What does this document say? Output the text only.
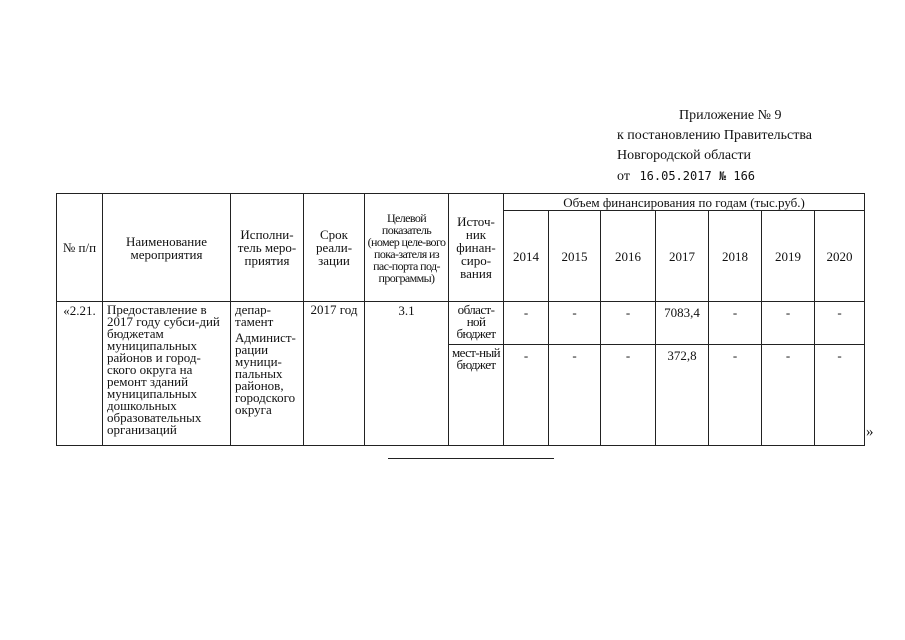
Приложение № 9
к постановлению Правительства
Новгородской области
от 16.05.2017 № 166
№ п/п	Наименование мероприятия	Исполни-тель меро-приятия	Срок реали-зации	Целевой показатель (номер целе-вого пока-зателя из пас-порта под-программы)	Источ-ник финан-сиро-вания	Объем финансирования по годам (тыс.руб.)						
						2014	2015	2016	2017	2018	2019	2020
«2.21.	Предоставление в 2017 году субси-дий бюджетам муниципальных районов и город-ского округа на ремонт зданий муниципальных дошкольных образовательных организаций	депар-тамент
Админист-рации муници-пальных районов, городского округа	2017 год	3.1	област-ной бюджет	-	-	-	7083,4	-	-	-
					мест-ный бюджет	-	-	-	372,8	-	-	-
»
